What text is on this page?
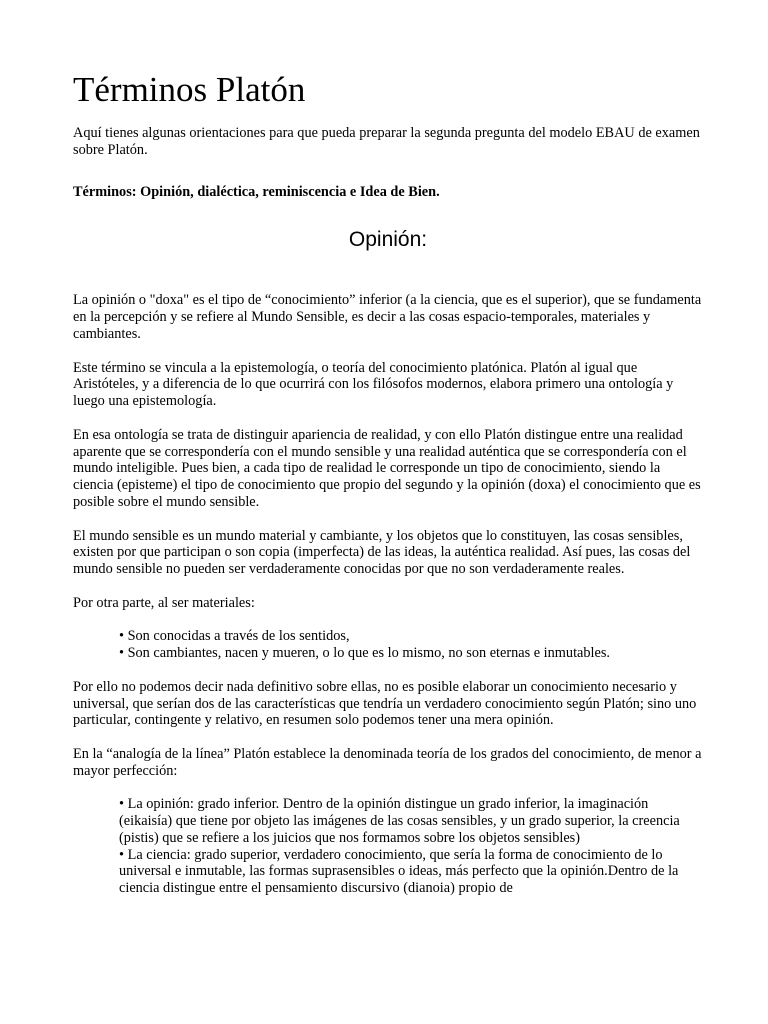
Términos Platón

Aquí tienes algunas orientaciones para que pueda preparar la segunda pregunta del modelo EBAU de examen sobre Platón.

Términos: Opinión, dialéctica, reminiscencia e Idea de Bien.

Opinión:

La opinión o "doxa" es el tipo de “conocimiento” inferior (a la ciencia, que es el superior), que se fundamenta en la percepción y se refiere al Mundo Sensible, es decir a las cosas espacio-temporales, materiales y cambiantes.

Este término se vincula a la epistemología, o teoría del conocimiento platónica. Platón al igual que Aristóteles, y a diferencia de lo que ocurrirá con los filósofos modernos, elabora primero una ontología y luego una epistemología.

En esa ontología se trata de distinguir apariencia de realidad, y con ello Platón distingue entre una realidad aparente que se correspondería con el mundo sensible y una realidad auténtica que se correspondería con el mundo inteligible. Pues bien, a cada tipo de realidad le corresponde un tipo de conocimiento, siendo la ciencia (episteme) el tipo de conocimiento que propio del segundo y la opinión (doxa) el conocimiento que es posible sobre el mundo sensible.

El mundo sensible es un mundo material y cambiante, y los objetos que lo constituyen, las cosas sensibles, existen por que participan o son copia (imperfecta) de las ideas, la auténtica realidad. Así pues, las cosas del mundo sensible no pueden ser verdaderamente conocidas por que no son verdaderamente reales.

Por otra parte, al ser materiales:

• Son conocidas a través de los sentidos,
• Son cambiantes, nacen y mueren, o lo que es lo mismo, no son eternas e inmutables.

Por ello no podemos decir nada definitivo sobre ellas, no es posible elaborar un conocimiento necesario y universal, que serían dos de las características que tendría un verdadero conocimiento según Platón; sino uno particular, contingente y relativo, en resumen solo podemos tener una mera opinión.

En la “analogía de la línea” Platón establece la denominada teoría de los grados del conocimiento, de menor a mayor perfección:

• La opinión: grado inferior. Dentro de la opinión distingue un grado inferior, la imaginación (eikaisía) que tiene por objeto las imágenes de las cosas sensibles, y un grado superior, la creencia (pistis) que se refiere a los juicios que nos formamos sobre los objetos sensibles)
• La ciencia: grado superior, verdadero conocimiento, que sería la forma de conocimiento de lo universal e inmutable, las formas suprasensibles o ideas, más perfecto que la opinión.Dentro de la ciencia distingue entre el pensamiento discursivo (dianoia) propio de
